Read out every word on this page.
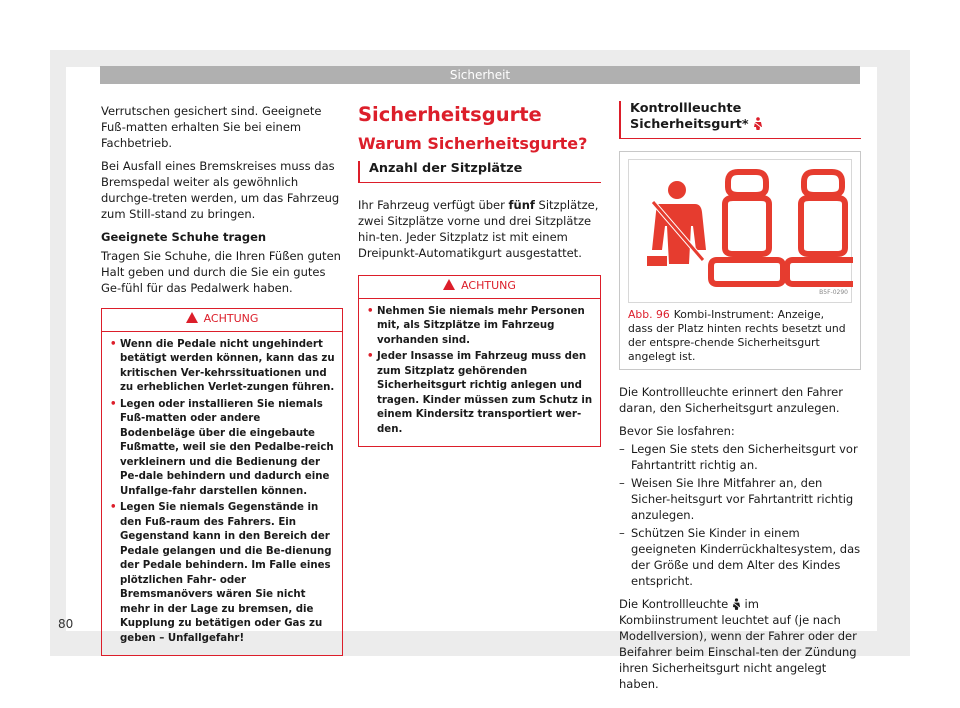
Sicherheit

Verrutschen gesichert sind. Geeignete Fuß-matten erhalten Sie bei einem Fachbetrieb.

Bei Ausfall eines Bremskreises muss das Bremspedal weiter als gewöhnlich durchge-treten werden, um das Fahrzeug zum Still-stand zu bringen.

Geeignete Schuhe tragen

Tragen Sie Schuhe, die Ihren Füßen guten Halt geben und durch die Sie ein gutes Ge-fühl für das Pedalwerk haben.

ACHTUNG
• Wenn die Pedale nicht ungehindert betätigt werden können, kann das zu kritischen Ver-kehrssituationen und zu erheblichen Verlet-zungen führen.
• Legen oder installieren Sie niemals Fuß-matten oder andere Bodenbeläge über die eingebaute Fußmatte, weil sie den Pedalbe-reich verkleinern und die Bedienung der Pe-dale behindern und dadurch eine Unfallge-fahr darstellen können.
• Legen Sie niemals Gegenstände in den Fuß-raum des Fahrers. Ein Gegenstand kann in den Bereich der Pedale gelangen und die Be-dienung der Pedale behindern. Im Falle eines plötzlichen Fahr- oder Bremsmanövers wären Sie nicht mehr in der Lage zu bremsen, die Kupplung zu betätigen oder Gas zu geben – Unfallgefahr!
Sicherheitsgurte
Warum Sicherheitsgurte?
Anzahl der Sitzplätze

Ihr Fahrzeug verfügt über fünf Sitzplätze, zwei Sitzplätze vorne und drei Sitzplätze hin-ten. Jeder Sitzplatz ist mit einem Dreipunkt-Automatikgurt ausgestattet.

ACHTUNG
• Nehmen Sie niemals mehr Personen mit, als Sitzplätze im Fahrzeug vorhanden sind.
• Jeder Insasse im Fahrzeug muss den zum Sitzplatz gehörenden Sicherheitsgurt richtig anlegen und tragen. Kinder müssen zum Schutz in einem Kindersitz transportiert wer-den.
Kontrollleuchte Sicherheitsgurt*
B5F-0290
Abb. 96 Kombi-Instrument: Anzeige, dass der Platz hinten rechts besetzt und der entspre-chende Sicherheitsgurt angelegt ist.

Die Kontrollleuchte erinnert den Fahrer daran, den Sicherheitsgurt anzulegen.

Bevor Sie losfahren:

– Legen Sie stets den Sicherheitsgurt vor Fahrtantritt richtig an.
– Weisen Sie Ihre Mitfahrer an, den Sicher-heitsgurt vor Fahrtantritt richtig anzulegen.
– Schützen Sie Kinder in einem geeigneten Kinderrückhaltesystem, das der Größe und dem Alter des Kindes entspricht.

Die Kontrollleuchte  im Kombiinstrument leuchtet auf (je nach Modellversion), wenn der Fahrer oder der Beifahrer beim Einschal-ten der Zündung ihren Sicherheitsgurt nicht angelegt haben.

80
